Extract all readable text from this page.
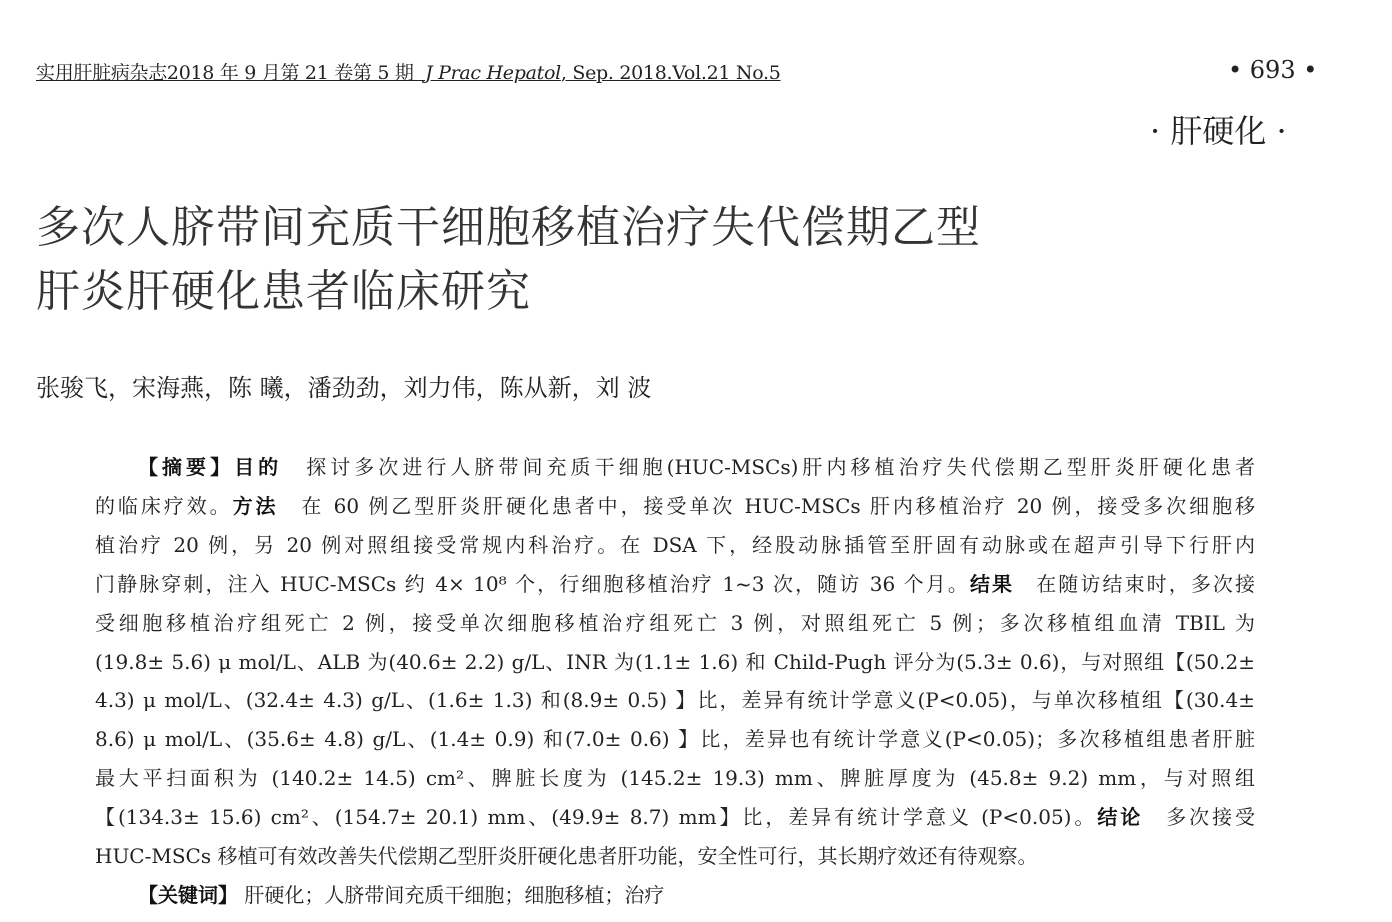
实用肝脏病杂志2018 年 9 月第 21 卷第 5 期 J Prac Hepatol, Sep. 2018.Vol.21 No.5	• 693 •
· 肝硬化 ·
多次人脐带间充质干细胞移植治疗失代偿期乙型
肝炎肝硬化患者临床研究
张骏飞，宋海燕，陈 曦，潘劲劲，刘力伟，陈从新，刘 波
【摘要】目的　探讨多次进行人脐带间充质干细胞(HUC-MSCs)肝内移植治疗失代偿期乙型肝炎肝硬化患者
的临床疗效。方法　在 60 例乙型肝炎肝硬化患者中，接受单次 HUC-MSCs 肝内移植治疗 20 例，接受多次细胞移
植治疗 20 例，另 20 例对照组接受常规内科治疗。在 DSA 下，经股动脉插管至肝固有动脉或在超声引导下行肝内
门静脉穿刺，注入 HUC-MSCs 约 4× 10⁸ 个，行细胞移植治疗 1~3 次，随访 36 个月。结果　在随访结束时，多次接
受细胞移植治疗组死亡 2 例，接受单次细胞移植治疗组死亡 3 例，对照组死亡 5 例；多次移植组血清 TBIL 为
(19.8± 5.6) μ mol/L、ALB 为(40.6± 2.2) g/L、INR 为(1.1± 1.6) 和 Child-Pugh 评分为(5.3± 0.6)，与对照组【(50.2±
4.3) μ mol/L、(32.4± 4.3) g/L、(1.6± 1.3) 和(8.9± 0.5) 】比，差异有统计学意义(P<0.05)，与单次移植组【(30.4±
8.6) μ mol/L、(35.6± 4.8) g/L、(1.4± 0.9) 和(7.0± 0.6) 】比，差异也有统计学意义(P<0.05)；多次移植组患者肝脏
最大平扫面积为 (140.2± 14.5) cm²、脾脏长度为 (145.2± 19.3) mm、脾脏厚度为 (45.8± 9.2) mm，与对照组
【(134.3± 15.6) cm²、(154.7± 20.1) mm、(49.9± 8.7) mm】比，差异有统计学意义 (P<0.05)。结论　多次接受
HUC-MSCs 移植可有效改善失代偿期乙型肝炎肝硬化患者肝功能，安全性可行，其长期疗效还有待观察。
【关键词】 肝硬化；人脐带间充质干细胞；细胞移植；治疗
